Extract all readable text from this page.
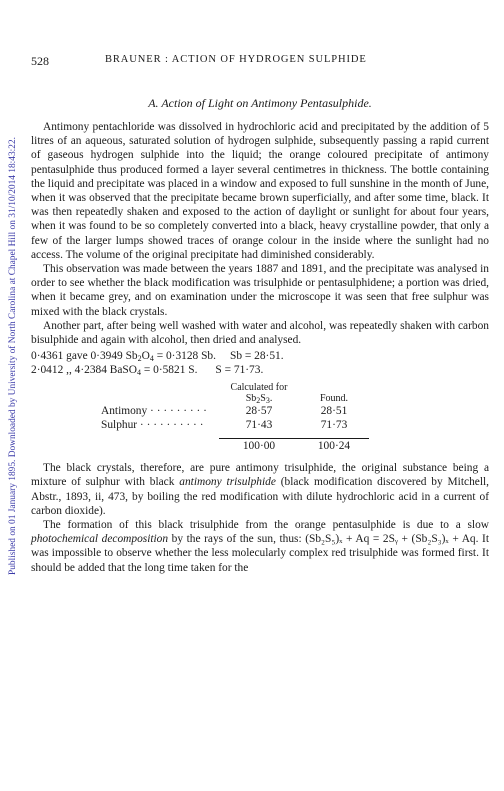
Published on 01 January 1895. Downloaded by University of North Carolina at Chapel Hill on 31/10/2014 18:43:22.
528	BRAUNER : ACTION OF HYDROGEN SULPHIDE
A. Action of Light on Antimony Pentasulphide.

Antimony pentachloride was dissolved in hydrochloric acid and precipitated by the addition of 5 litres of an aqueous, saturated solution of hydrogen sulphide, subsequently passing a rapid current of gaseous hydrogen sulphide into the liquid; the orange coloured precipitate of antimony pentasulphide thus produced formed a layer several centimetres in thickness. The bottle containing the liquid and precipitate was placed in a window and exposed to full sunshine in the month of June, when it was observed that the precipitate became brown superficially, and after some time, black. It was then repeatedly shaken and exposed to the action of daylight or sunlight for about four years, when it was found to be so completely converted into a black, heavy crystalline powder, that only a few of the larger lumps showed traces of orange colour in the inside where the sunlight had no access. The volume of the original precipitate had diminished considerably.

This observation was made between the years 1887 and 1891, and the precipitate was analysed in order to see whether the black modification was trisulphide or pentasulphidene; a portion was dried, when it became grey, and on examination under the microscope it was seen that free sulphur was mixed with the black crystals.

Another part, after being well washed with water and alcohol, was repeatedly shaken with carbon bisulphide and again with alcohol, then dried and analysed.

0·4361 gave 0·3949 $Sb_2O_4 = 0\cdot 3128$ Sb. Sb = 28·51.
2·0412 ,, 4·2384 BaSO$_4$ = 0·5821 S. S = 71·73.
	Calculated for	
	$Sb_2S_3$.	Found.
Antimony · · · · · · · · ·	28·57	28·51
Sulphur · · · · · · · · · ·	71·43	71·73

	100·00	100·24

The black crystals, therefore, are pure antimony trisulphide, the original substance being a mixture of sulphur with black antimony trisulphide (black modification discovered by Mitchell, Abstr., 1893, ii, 473, by boiling the red modification with dilute hydrochloric acid in a current of carbon dioxide).

The formation of this black trisulphide from the orange pentasulphide is due to a slow photochemical decomposition by the rays of the sun, thus: (Sb₂S₅)ₓ + Aq = 2Sᵧ + (Sb₂S₃)ₓ + Aq. It was impossible to observe whether the less molecularly complex red trisulphide was formed first. It should be added that the long time taken for the
